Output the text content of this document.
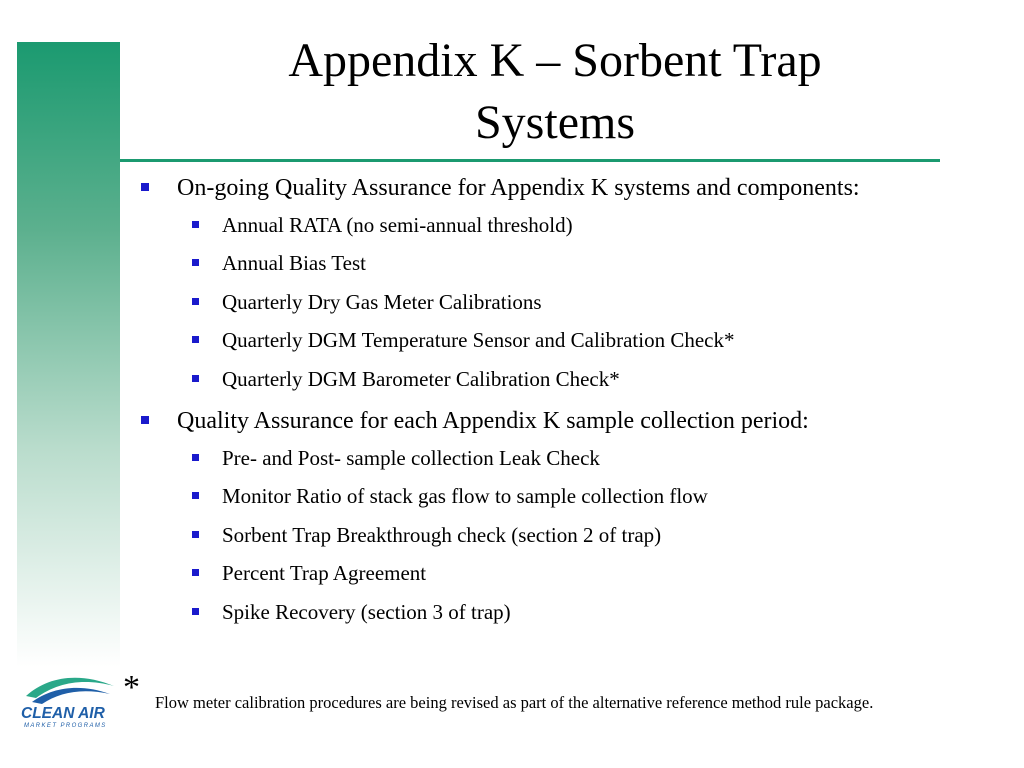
Appendix K – Sorbent Trap
Systems
On-going Quality Assurance for Appendix K systems and components:
Annual RATA (no semi-annual threshold)
Annual Bias Test
Quarterly Dry Gas Meter Calibrations
Quarterly DGM Temperature Sensor and Calibration Check*
Quarterly DGM Barometer Calibration Check*
Quality Assurance for each Appendix K sample collection period:
Pre- and Post- sample collection Leak Check
Monitor Ratio of stack gas flow to sample collection flow
Sorbent Trap Breakthrough check (section 2 of trap)
Percent Trap Agreement
Spike Recovery (section 3 of trap)
CLEAN AIR
MARKET PROGRAMS
* Flow meter calibration procedures are being revised as part of the alternative reference method rule package.
